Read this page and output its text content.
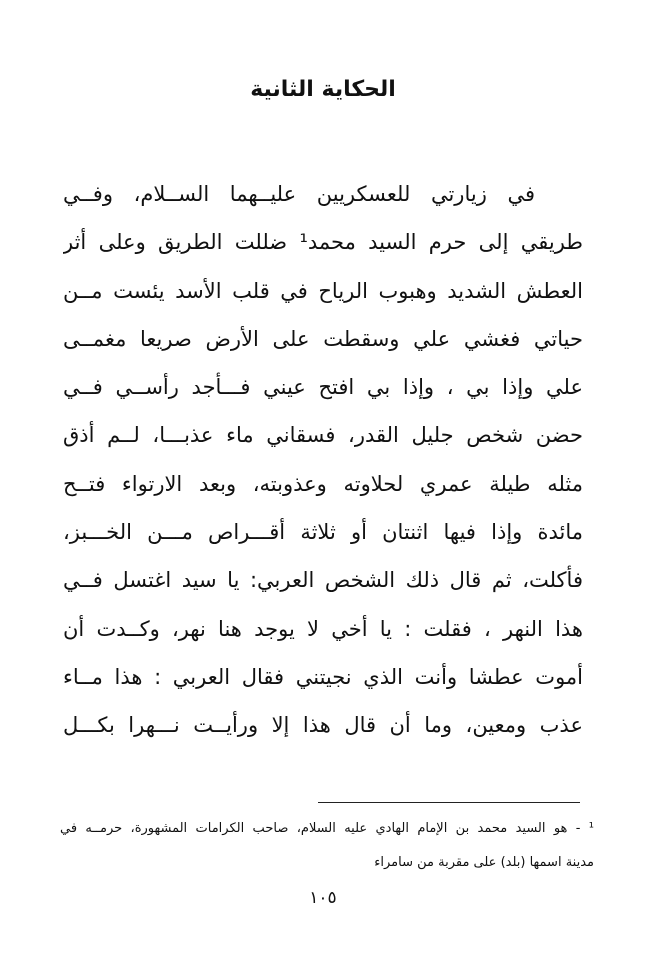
الحكاية الثانية
في زيارتي للعسكريين عليــهما الســلام، وفــي
طريقي إلى حرم السيد محمد¹ ضللت الطريق وعلى أثر
العطش الشديد وهبوب الرياح في قلب الأسد يئست مــن
حياتي فغشي علي وسقطت على الأرض صريعا مغمــى
علي وإذا بي ، وإذا بي افتح عيني فـــأجد رأســي فــي
حضن شخص جليل القدر، فسقاني ماء عذبـــا، لــم أذق
مثله طيلة عمري لحلاوته وعذوبته، وبعد الارتواء فتــح
مائدة وإذا فيها اثنتان أو ثلاثة أقـــراص مـــن الخـــبز،
فأكلت، ثم قال ذلك الشخص العربي: يا سيد اغتسل فــي
هذا النهر ، فقلت : يا أخي لا يوجد هنا نهر، وكــدت أن
أموت عطشا وأنت الذي نجيتني فقال العربي : هذا مــاء
عذب ومعين، وما أن قال هذا إلا ورأيــت نـــهرا بكـــل
¹ - هو السيد محمد بن الإمام الهادي عليه السلام، صاحب الكرامات المشهورة، حرمــه في
مدينة اسمها (بلد) على مقربة من سامراء
١٠٥
